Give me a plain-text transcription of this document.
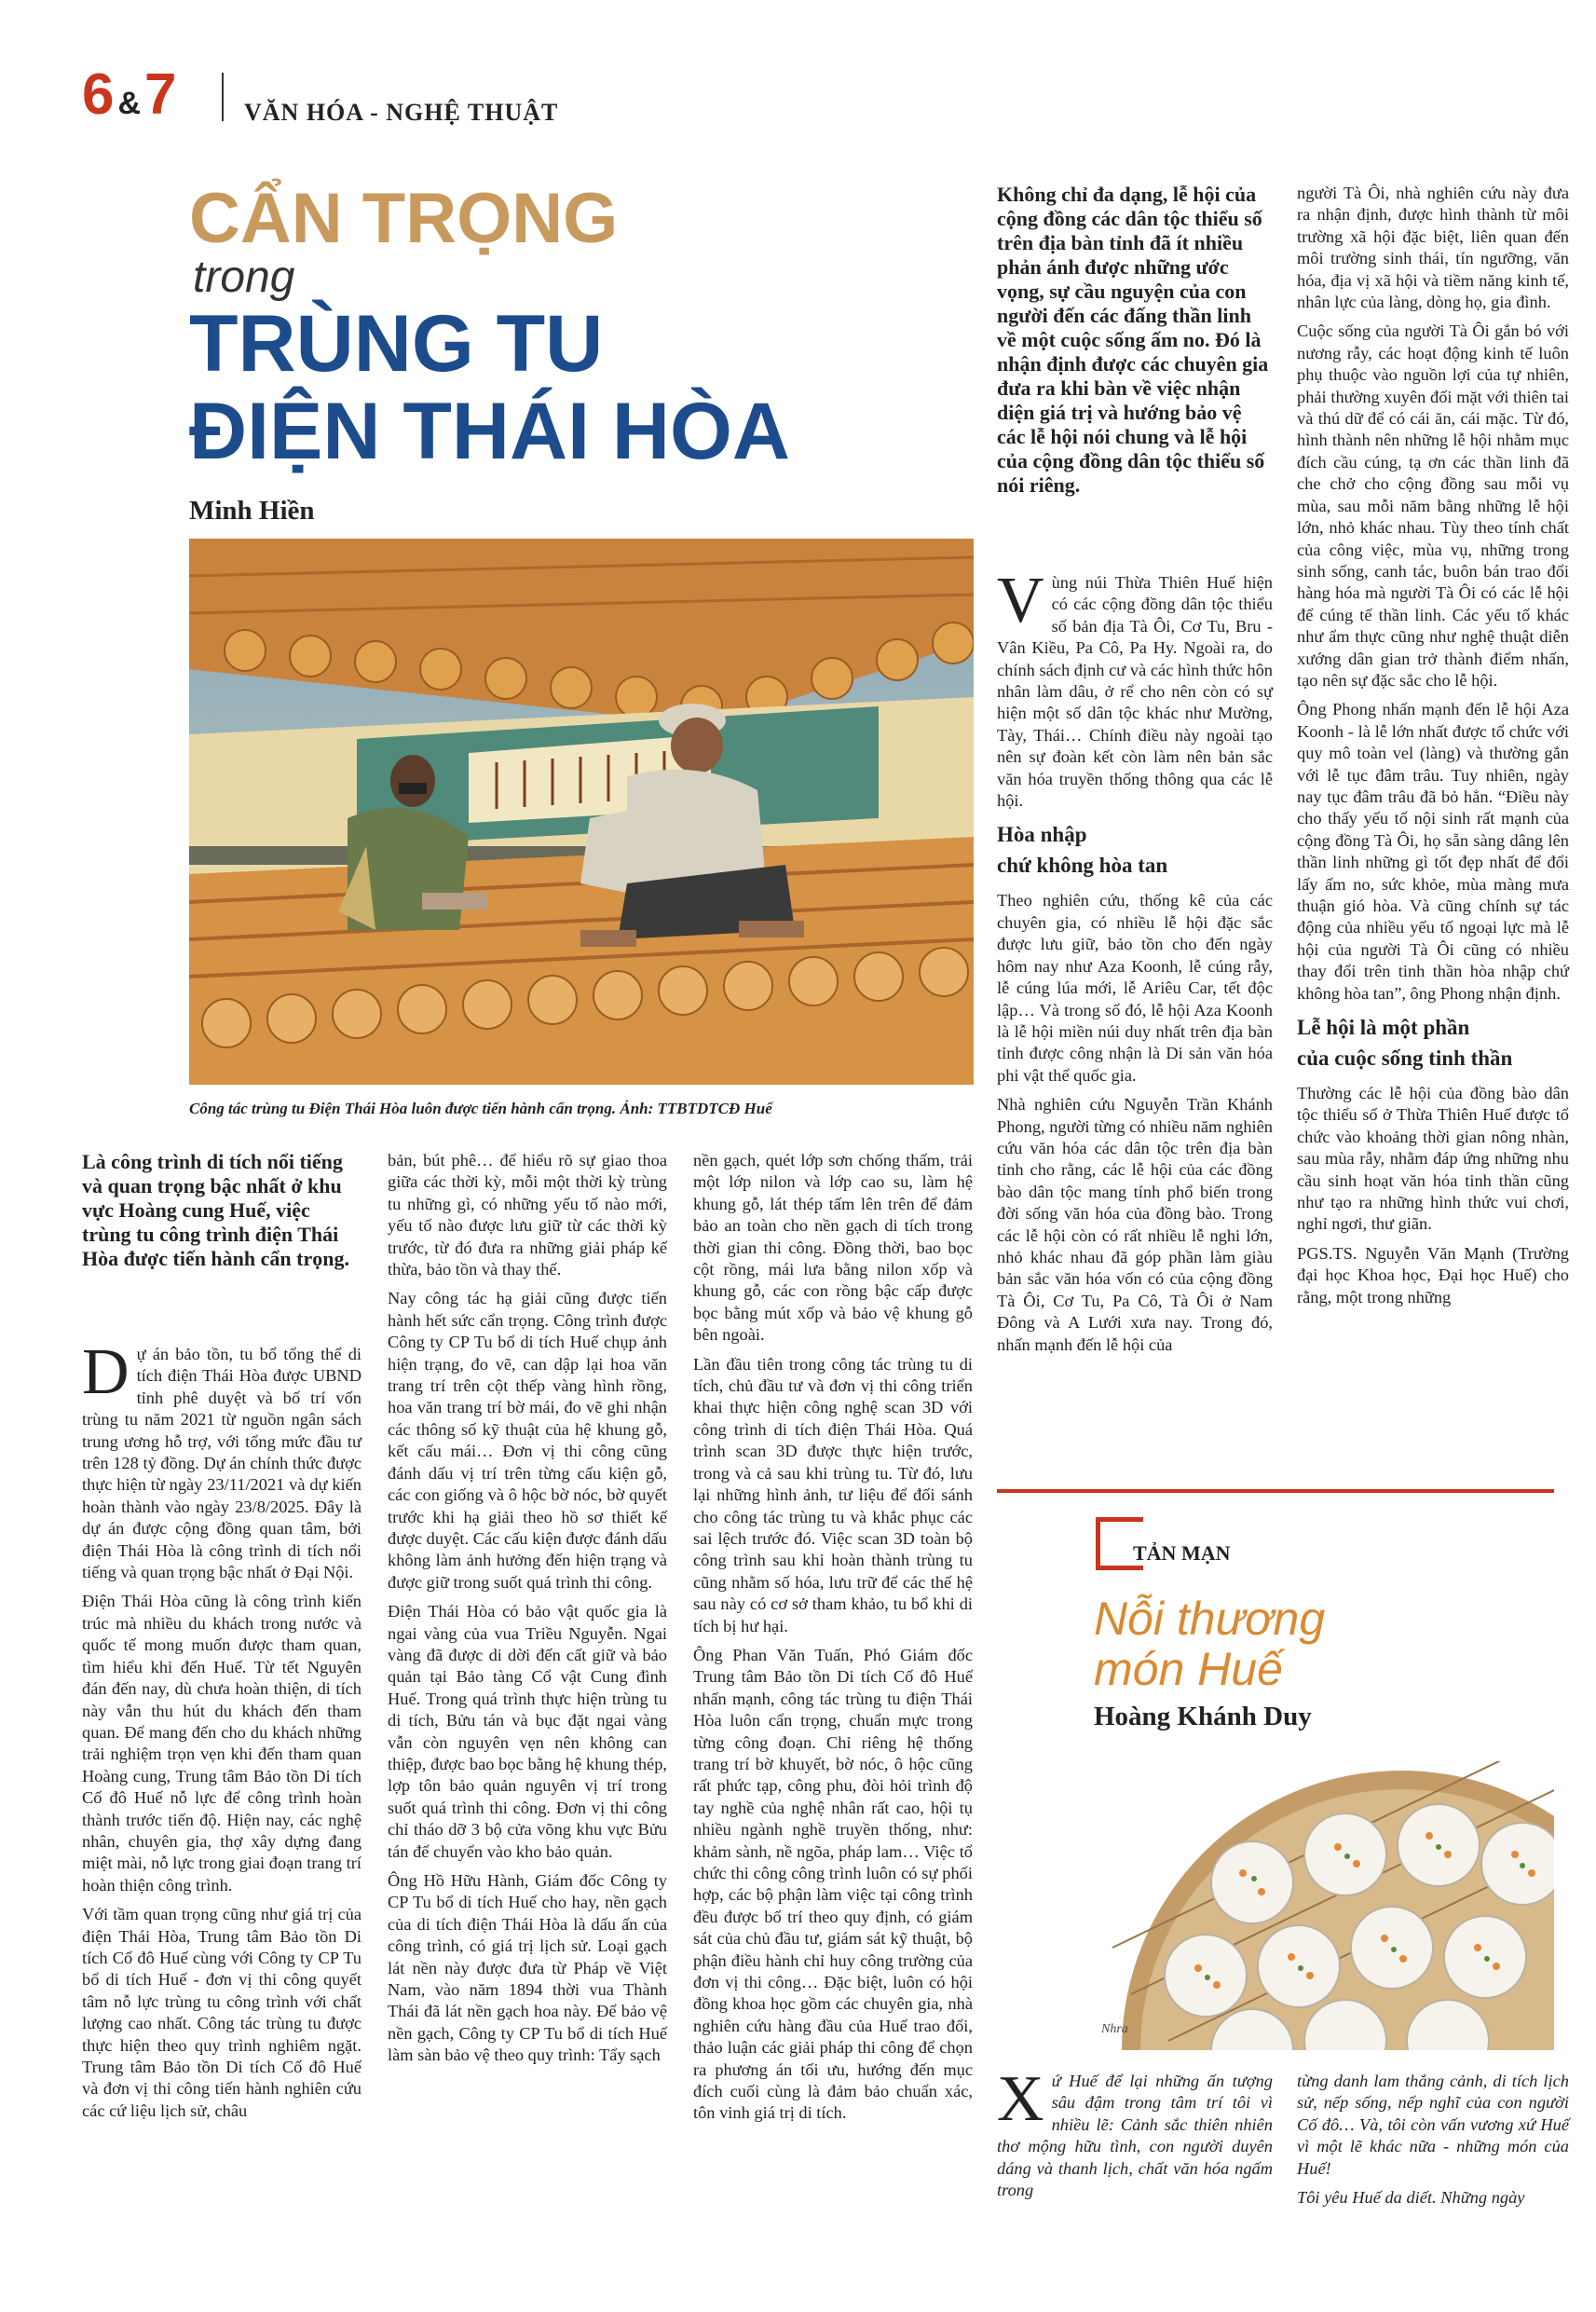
6 &7	VĂN HÓA - NGHỆ THUẬT
CẨN TRỌNG
trong
TRÙNG TU
ĐIỆN THÁI HÒA
Minh Hiền
Công tác trùng tu Điện Thái Hòa luôn được tiến hành cẩn trọng. Ảnh: TTBTDTCĐ Huế
Là công trình di tích nổi tiếng và quan trọng bậc nhất ở khu vực Hoàng cung Huế, việc trùng tu công trình điện Thái Hòa được tiến hành cẩn trọng.

Dự án bảo tồn, tu bổ tổng thể di tích điện Thái Hòa được UBND tỉnh phê duyệt và bố trí vốn trùng tu năm 2021 từ nguồn ngân sách trung ương hỗ trợ, với tổng mức đầu tư trên 128 tỷ đồng. Dự án chính thức được thực hiện từ ngày 23/11/2021 và dự kiến hoàn thành vào ngày 23/8/2025. Đây là dự án được cộng đồng quan tâm, bởi điện Thái Hòa là công trình di tích nổi tiếng và quan trọng bậc nhất ở Đại Nội.

Điện Thái Hòa cũng là công trình kiến trúc mà nhiều du khách trong nước và quốc tế mong muốn được tham quan, tìm hiểu khi đến Huế. Từ tết Nguyên đán đến nay, dù chưa hoàn thiện, di tích này vẫn thu hút du khách đến tham quan. Để mang đến cho du khách những trải nghiệm trọn vẹn khi đến tham quan Hoàng cung, Trung tâm Bảo tồn Di tích Cố đô Huế nỗ lực để công trình hoàn thành trước tiến độ. Hiện nay, các nghệ nhân, chuyên gia, thợ xây dựng đang miệt mài, nỗ lực trong giai đoạn trang trí hoàn thiện công trình.

Với tầm quan trọng cũng như giá trị của điện Thái Hòa, Trung tâm Bảo tồn Di tích Cố đô Huế cùng với Công ty CP Tu bổ di tích Huế - đơn vị thi công quyết tâm nỗ lực trùng tu công trình với chất lượng cao nhất. Công tác trùng tu được thực hiện theo quy trình nghiêm ngặt. Trung tâm Bảo tồn Di tích Cố đô Huế và đơn vị thi công tiến hành nghiên cứu các cứ liệu lịch sử, châu

bản, bút phê… để hiểu rõ sự giao thoa giữa các thời kỳ, mỗi một thời kỳ trùng tu những gì, có những yếu tố nào mới, yếu tố nào được lưu giữ từ các thời kỳ trước, từ đó đưa ra những giải pháp kế thừa, bảo tồn và thay thế.

Nay công tác hạ giải cũng được tiến hành hết sức cẩn trọng. Công trình được Công ty CP Tu bổ di tích Huế chụp ảnh hiện trạng, đo vẽ, can dập lại hoa văn trang trí trên cột thếp vàng hình rồng, hoa văn trang trí bờ mái, đo vẽ ghi nhận các thông số kỹ thuật của hệ khung gỗ, kết cấu mái… Đơn vị thi công cũng đánh dấu vị trí trên từng cấu kiện gỗ, các con giống và ô hộc bờ nóc, bờ quyết trước khi hạ giải theo hồ sơ thiết kế được duyệt. Các cấu kiện được đánh dấu không làm ảnh hưởng đến hiện trạng và được giữ trong suốt quá trình thi công.

Điện Thái Hòa có bảo vật quốc gia là ngai vàng của vua Triều Nguyễn. Ngai vàng đã được di dời đến cất giữ và bảo quản tại Bảo tàng Cổ vật Cung đình Huế. Trong quá trình thực hiện trùng tu di tích, Bửu tán và bục đặt ngai vàng vẫn còn nguyên vẹn nên không can thiệp, được bao bọc bằng hệ khung thép, lợp tôn bảo quản nguyên vị trí trong suốt quá trình thi công. Đơn vị thi công chỉ tháo dỡ 3 bộ cửa võng khu vực Bửu tán để chuyển vào kho bảo quản.

Ông Hồ Hữu Hành, Giám đốc Công ty CP Tu bổ di tích Huế cho hay, nền gạch của di tích điện Thái Hòa là dấu ấn của công trình, có giá trị lịch sử. Loại gạch lát nền này được đưa từ Pháp về Việt Nam, vào năm 1894 thời vua Thành Thái đã lát nền gạch hoa này. Để bảo vệ nền gạch, Công ty CP Tu bổ di tích Huế làm sàn bảo vệ theo quy trình: Tẩy sạch

nền gạch, quét lớp sơn chống thấm, trải một lớp nilon và lớp cao su, làm hệ khung gỗ, lát thép tấm lên trên để đảm bảo an toàn cho nền gạch di tích trong thời gian thi công. Đồng thời, bao bọc cột rồng, mái lưa bằng nilon xốp và khung gỗ, các con rồng bậc cấp được bọc bằng mút xốp và bảo vệ khung gỗ bên ngoài.

Lần đầu tiên trong công tác trùng tu di tích, chủ đầu tư và đơn vị thi công triển khai thực hiện công nghệ scan 3D với công trình di tích điện Thái Hòa. Quá trình scan 3D được thực hiện trước, trong và cả sau khi trùng tu. Từ đó, lưu lại những hình ảnh, tư liệu để đối sánh cho công tác trùng tu và khắc phục các sai lệch trước đó. Việc scan 3D toàn bộ công trình sau khi hoàn thành trùng tu cũng nhằm số hóa, lưu trữ để các thế hệ sau này có cơ sở tham khảo, tu bổ khi di tích bị hư hại.

Ông Phan Văn Tuấn, Phó Giám đốc Trung tâm Bảo tồn Di tích Cố đô Huế nhấn mạnh, công tác trùng tu điện Thái Hòa luôn cẩn trọng, chuẩn mực trong từng công đoạn. Chỉ riêng hệ thống trang trí bờ khuyết, bờ nóc, ô hộc cũng rất phức tạp, công phu, đòi hỏi trình độ tay nghề của nghệ nhân rất cao, hội tụ nhiều ngành nghề truyền thống, như: khảm sành, nề ngõa, pháp lam… Việc tổ chức thi công công trình luôn có sự phối hợp, các bộ phận làm việc tại công trình đều được bố trí theo quy định, có giám sát của chủ đầu tư, giám sát kỹ thuật, bộ phận điều hành chỉ huy công trường của đơn vị thi công… Đặc biệt, luôn có hội đồng khoa học gồm các chuyên gia, nhà nghiên cứu hàng đầu của Huế trao đổi, thảo luận các giải pháp thi công để chọn ra phương án tối ưu, hướng đến mục đích cuối cùng là đảm bảo chuẩn xác, tôn vinh giá trị di tích.

Không chỉ đa dạng, lễ hội của cộng đồng các dân tộc thiểu số trên địa bàn tỉnh đã ít nhiều phản ánh được những ước vọng, sự cầu nguyện của con người đến các đấng thần linh về một cuộc sống ấm no. Đó là nhận định được các chuyên gia đưa ra khi bàn về việc nhận diện giá trị và hướng bảo vệ các lễ hội nói chung và lễ hội của cộng đồng dân tộc thiểu số nói riêng.

Vùng núi Thừa Thiên Huế hiện có các cộng đồng dân tộc thiểu số bản địa Tà Ôi, Cơ Tu, Bru - Vân Kiều, Pa Cô, Pa Hy. Ngoài ra, do chính sách định cư và các hình thức hôn nhân làm dâu, ở rể cho nên còn có sự hiện một số dân tộc khác như Mường, Tày, Thái… Chính điều này ngoài tạo nên sự đoàn kết còn làm nên bản sắc văn hóa truyền thống thông qua các lễ hội.

Hòa nhập
chứ không hòa tan

Theo nghiên cứu, thống kê của các chuyên gia, có nhiều lễ hội đặc sắc được lưu giữ, bảo tồn cho đến ngày hôm nay như Aza Koonh, lễ cúng rẫy, lễ cúng lúa mới, lễ Ariêu Car, tết độc lập… Và trong số đó, lễ hội Aza Koonh là lễ hội miền núi duy nhất trên địa bàn tỉnh được công nhận là Di sản văn hóa phi vật thể quốc gia.

Nhà nghiên cứu Nguyễn Trần Khánh Phong, người từng có nhiều năm nghiên cứu văn hóa các dân tộc trên địa bàn tỉnh cho rằng, các lễ hội của các đồng bào dân tộc mang tính phổ biến trong đời sống văn hóa của đồng bào. Trong các lễ hội còn có rất nhiều lễ nghi lớn, nhỏ khác nhau đã góp phần làm giàu bản sắc văn hóa vốn có của cộng đồng Tà Ôi, Cơ Tu, Pa Cô, Tà Ôi ở Nam Đông và A Lưới xưa nay. Trong đó, nhấn mạnh đến lễ hội của

người Tà Ôi, nhà nghiên cứu này đưa ra nhận định, được hình thành từ môi trường xã hội đặc biệt, liên quan đến môi trường sinh thái, tín ngưỡng, văn hóa, địa vị xã hội và tiềm năng kinh tế, nhân lực của làng, dòng họ, gia đình.

Cuộc sống của người Tà Ôi gắn bó với nương rẫy, các hoạt động kinh tế luôn phụ thuộc vào nguồn lợi của tự nhiên, phải thường xuyên đối mặt với thiên tai và thú dữ để có cái ăn, cái mặc. Từ đó, hình thành nên những lễ hội nhằm mục đích cầu cúng, tạ ơn các thần linh đã che chở cho cộng đồng sau mỗi vụ mùa, sau mỗi năm bằng những lễ hội lớn, nhỏ khác nhau. Tùy theo tính chất của công việc, mùa vụ, những trong sinh sống, canh tác, buôn bán trao đổi hàng hóa mà người Tà Ôi có các lễ hội để cúng tế thần linh. Các yếu tố khác như ẩm thực cũng như nghệ thuật diễn xướng dân gian trở thành điểm nhấn, tạo nên sự đặc sắc cho lễ hội.

Ông Phong nhấn mạnh đến lễ hội Aza Koonh - là lễ lớn nhất được tổ chức với quy mô toàn vel (làng) và thường gắn với lễ tục đâm trâu. Tuy nhiên, ngày nay tục đâm trâu đã bỏ hẳn. “Điều này cho thấy yếu tố nội sinh rất mạnh của cộng đồng Tà Ôi, họ sẵn sàng dâng lên thần linh những gì tốt đẹp nhất để đổi lấy ấm no, sức khỏe, mùa màng mưa thuận gió hòa. Và cũng chính sự tác động của nhiều yếu tố ngoại lực mà lễ hội của người Tà Ôi cũng có nhiều thay đổi trên tinh thần hòa nhập chứ không hòa tan”, ông Phong nhận định.

Lễ hội là một phần
của cuộc sống tinh thần

Thường các lễ hội của đồng bào dân tộc thiểu số ở Thừa Thiên Huế được tổ chức vào khoảng thời gian nông nhàn, sau mùa rẫy, nhằm đáp ứng những nhu cầu sinh hoạt văn hóa tinh thần cũng như tạo ra những hình thức vui chơi, nghỉ ngơi, thư giãn.

PGS.TS. Nguyễn Văn Mạnh (Trường đại học Khoa học, Đại học Huế) cho rằng, một trong những

TẢN MẠN
Nỗi thương
món Huế
Hoàng Khánh Duy
Nhra

Xứ Huế để lại những ấn tượng sâu đậm trong tâm trí tôi vì nhiều lẽ: Cảnh sắc thiên nhiên thơ mộng hữu tình, con người duyên dáng và thanh lịch, chất văn hóa ngấm trong

từng danh lam thắng cảnh, di tích lịch sử, nếp sống, nếp nghĩ của con người Cố đô… Và, tôi còn vấn vương xứ Huế vì một lẽ khác nữa - những món của Huế!

Tôi yêu Huế da diết. Những ngày
